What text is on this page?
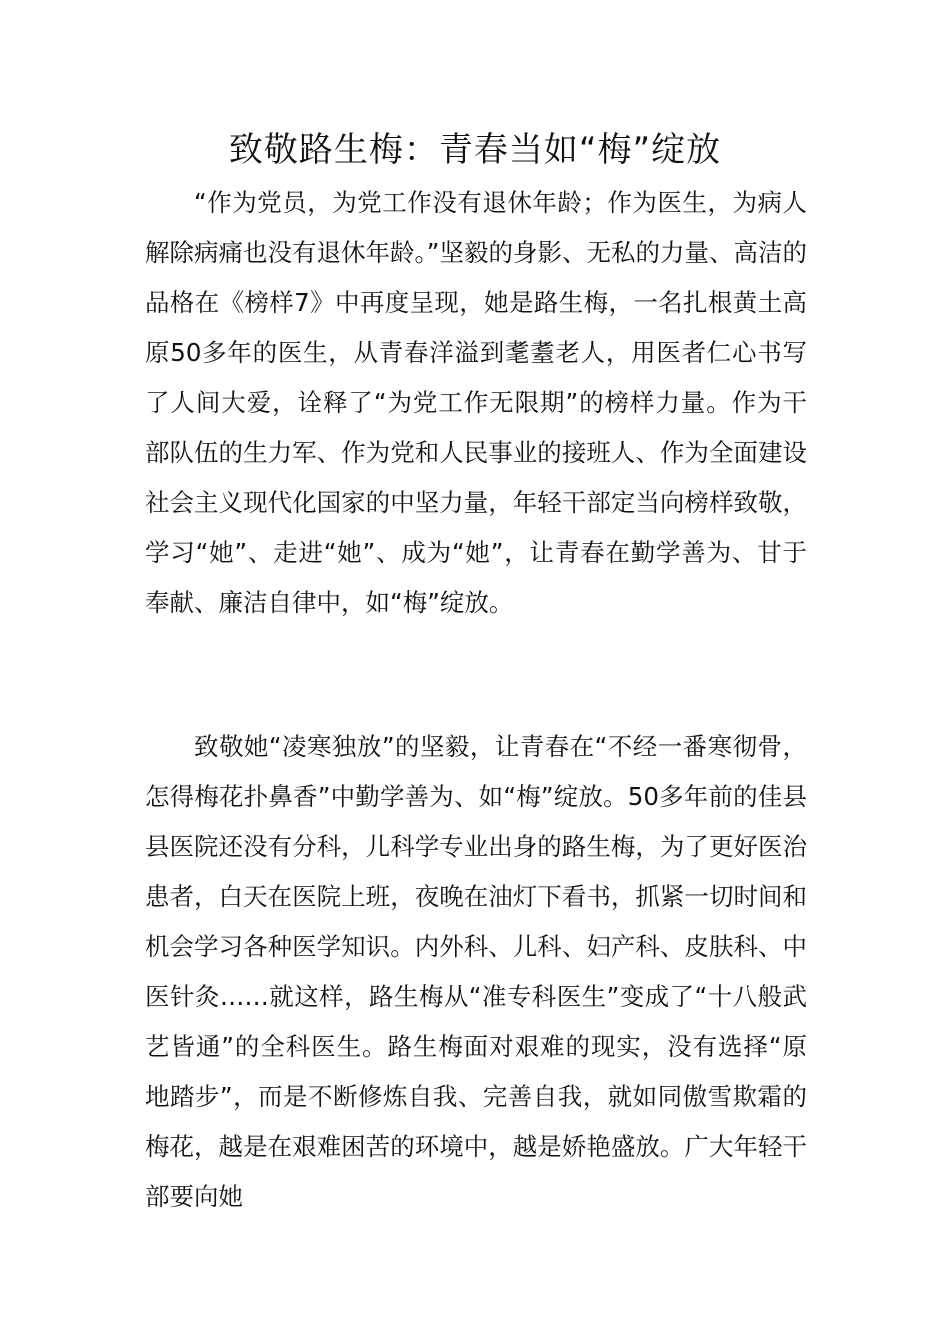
致敬路生梅：青春当如“梅”绽放

“作为党员，为党工作没有退休年龄；作为医生，为病人解除病痛也没有退休年龄。”坚毅的身影、无私的力量、高洁的品格在《榜样7》中再度呈现，她是路生梅，一名扎根黄土高原50多年的医生，从青春洋溢到耄耋老人，用医者仁心书写了人间大爱，诠释了“为党工作无限期”的榜样力量。作为干部队伍的生力军、作为党和人民事业的接班人、作为全面建设社会主义现代化国家的中坚力量，年轻干部定当向榜样致敬，学习“她”、走进“她”、成为“她”，让青春在勤学善为、甘于奉献、廉洁自律中，如“梅”绽放。

致敬她“凌寒独放”的坚毅，让青春在“不经一番寒彻骨，怎得梅花扑鼻香”中勤学善为、如“梅”绽放。50多年前的佳县县医院还没有分科，儿科学专业出身的路生梅，为了更好医治患者，白天在医院上班，夜晚在油灯下看书，抓紧一切时间和机会学习各种医学知识。内外科、儿科、妇产科、皮肤科、中医针灸……就这样，路生梅从“准专科医生”变成了“十八般武艺皆通”的全科医生。路生梅面对艰难的现实，没有选择“原地踏步”，而是不断修炼自我、完善自我，就如同傲雪欺霜的梅花，越是在艰难困苦的环境中，越是娇艳盛放。广大年轻干部要向她
